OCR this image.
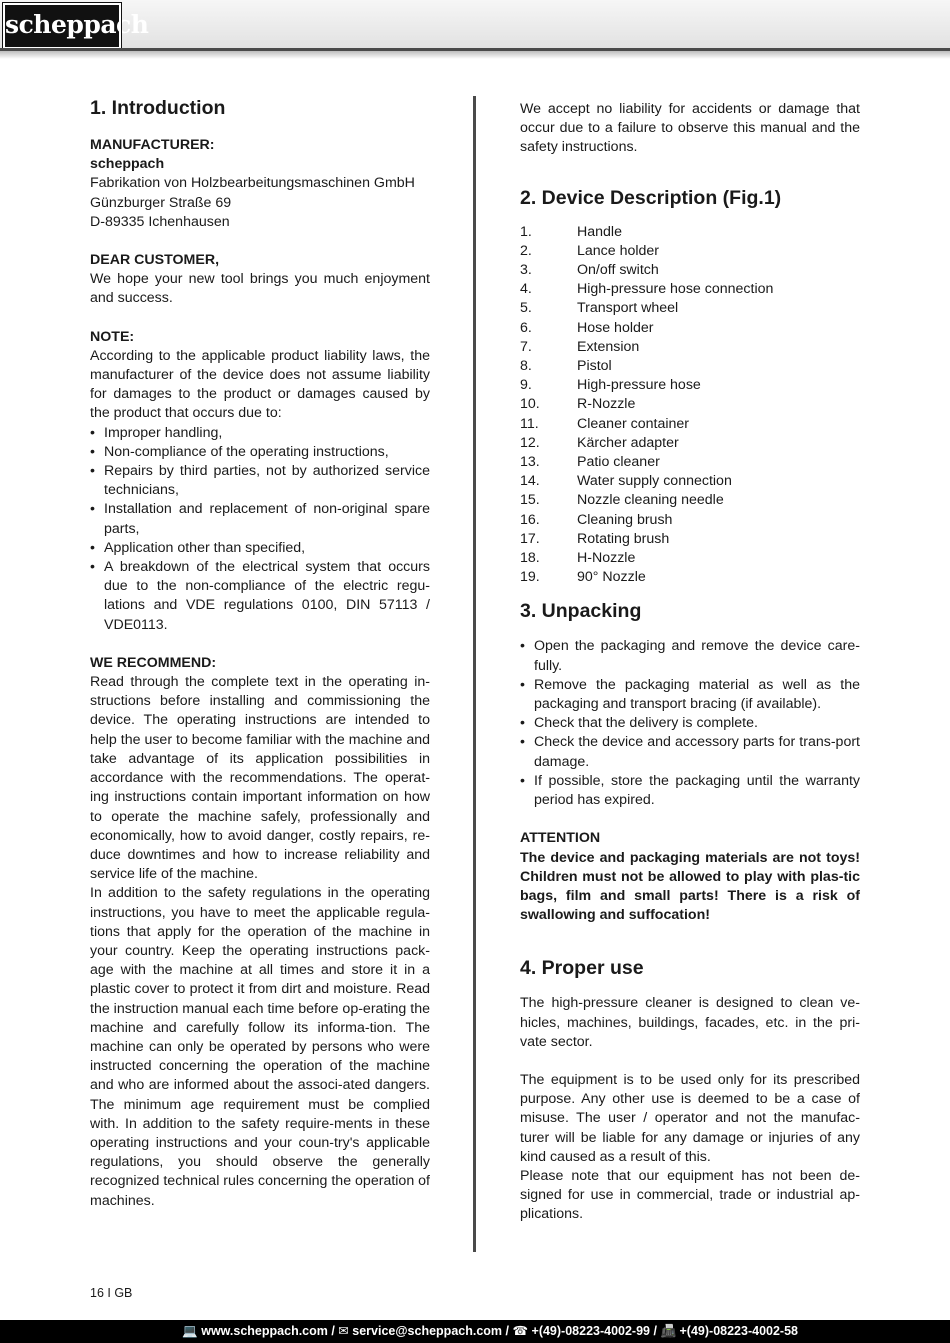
scheppach
1. Introduction
MANUFACTURER:
scheppach
Fabrikation von Holzbearbeitungsmaschinen GmbH
Günzburger Straße 69
D-89335 Ichenhausen
DEAR CUSTOMER,

We hope your new tool brings you much enjoyment and success.

NOTE:

According to the applicable product liability laws, the manufacturer of the device does not assume liability for damages to the product or damages caused by the product that occurs due to:

• Improper handling,
• Non-compliance of the operating instructions,
• Repairs by third parties, not by authorized service technicians,
• Installation and replacement of non-original spare parts,
• Application other than specified,
• A breakdown of the electrical system that occurs due to the non-compliance of the electric regu-lations and VDE regulations 0100, DIN 57113 / VDE0113.
WE RECOMMEND:

Read through the complete text in the operating in-structions before installing and commissioning the device. The operating instructions are intended to help the user to become familiar with the machine and take advantage of its application possibilities in accordance with the recommendations. The operat-ing instructions contain important information on how to operate the machine safely, professionally and economically, how to avoid danger, costly repairs, re-duce downtimes and how to increase reliability and service life of the machine.

In addition to the safety regulations in the operating instructions, you have to meet the applicable regula-tions that apply for the operation of the machine in your country. Keep the operating instructions pack-age with the machine at all times and store it in a plastic cover to protect it from dirt and moisture. Read the instruction manual each time before op-erating the machine and carefully follow its informa-tion. The machine can only be operated by persons who were instructed concerning the operation of the machine and who are informed about the associ-ated dangers. The minimum age requirement must be complied with. In addition to the safety require-ments in these operating instructions and your coun-try's applicable regulations, you should observe the generally recognized technical rules concerning the operation of machines.

We accept no liability for accidents or damage that occur due to a failure to observe this manual and the safety instructions.

2. Device Description (Fig.1)
1.	Handle
2.	Lance holder
3.	On/off switch
4.	High-pressure hose connection
5.	Transport wheel
6.	Hose holder
7.	Extension
8.	Pistol
9.	High-pressure hose
10.	R-Nozzle
11.	Cleaner container
12.	Kärcher adapter
13.	Patio cleaner
14.	Water supply connection
15.	Nozzle cleaning needle
16.	Cleaning brush
17.	Rotating brush
18.	H-Nozzle
19.	90° Nozzle
3. Unpacking
• Open the packaging and remove the device care-fully.
• Remove the packaging material as well as the packaging and transport bracing (if available).
• Check that the delivery is complete.
• Check the device and accessory parts for trans-port damage.
• If possible, store the packaging until the warranty period has expired.
ATTENTION

The device and packaging materials are not toys! Children must not be allowed to play with plas-tic bags, film and small parts! There is a risk of swallowing and suffocation!

4. Proper use

The high-pressure cleaner is designed to clean ve-hicles, machines, buildings, facades, etc. in the pri-vate sector.

The equipment is to be used only for its prescribed purpose. Any other use is deemed to be a case of misuse. The user / operator and not the manufac-turer will be liable for any damage or injuries of any kind caused as a result of this.

Please note that our equipment has not been de-signed for use in commercial, trade or industrial ap-plications.

16 I GB
💻 www.scheppach.com / ✉ service@scheppach.com / ☎ +(49)-08223-4002-99 / 📠 +(49)-08223-4002-58
